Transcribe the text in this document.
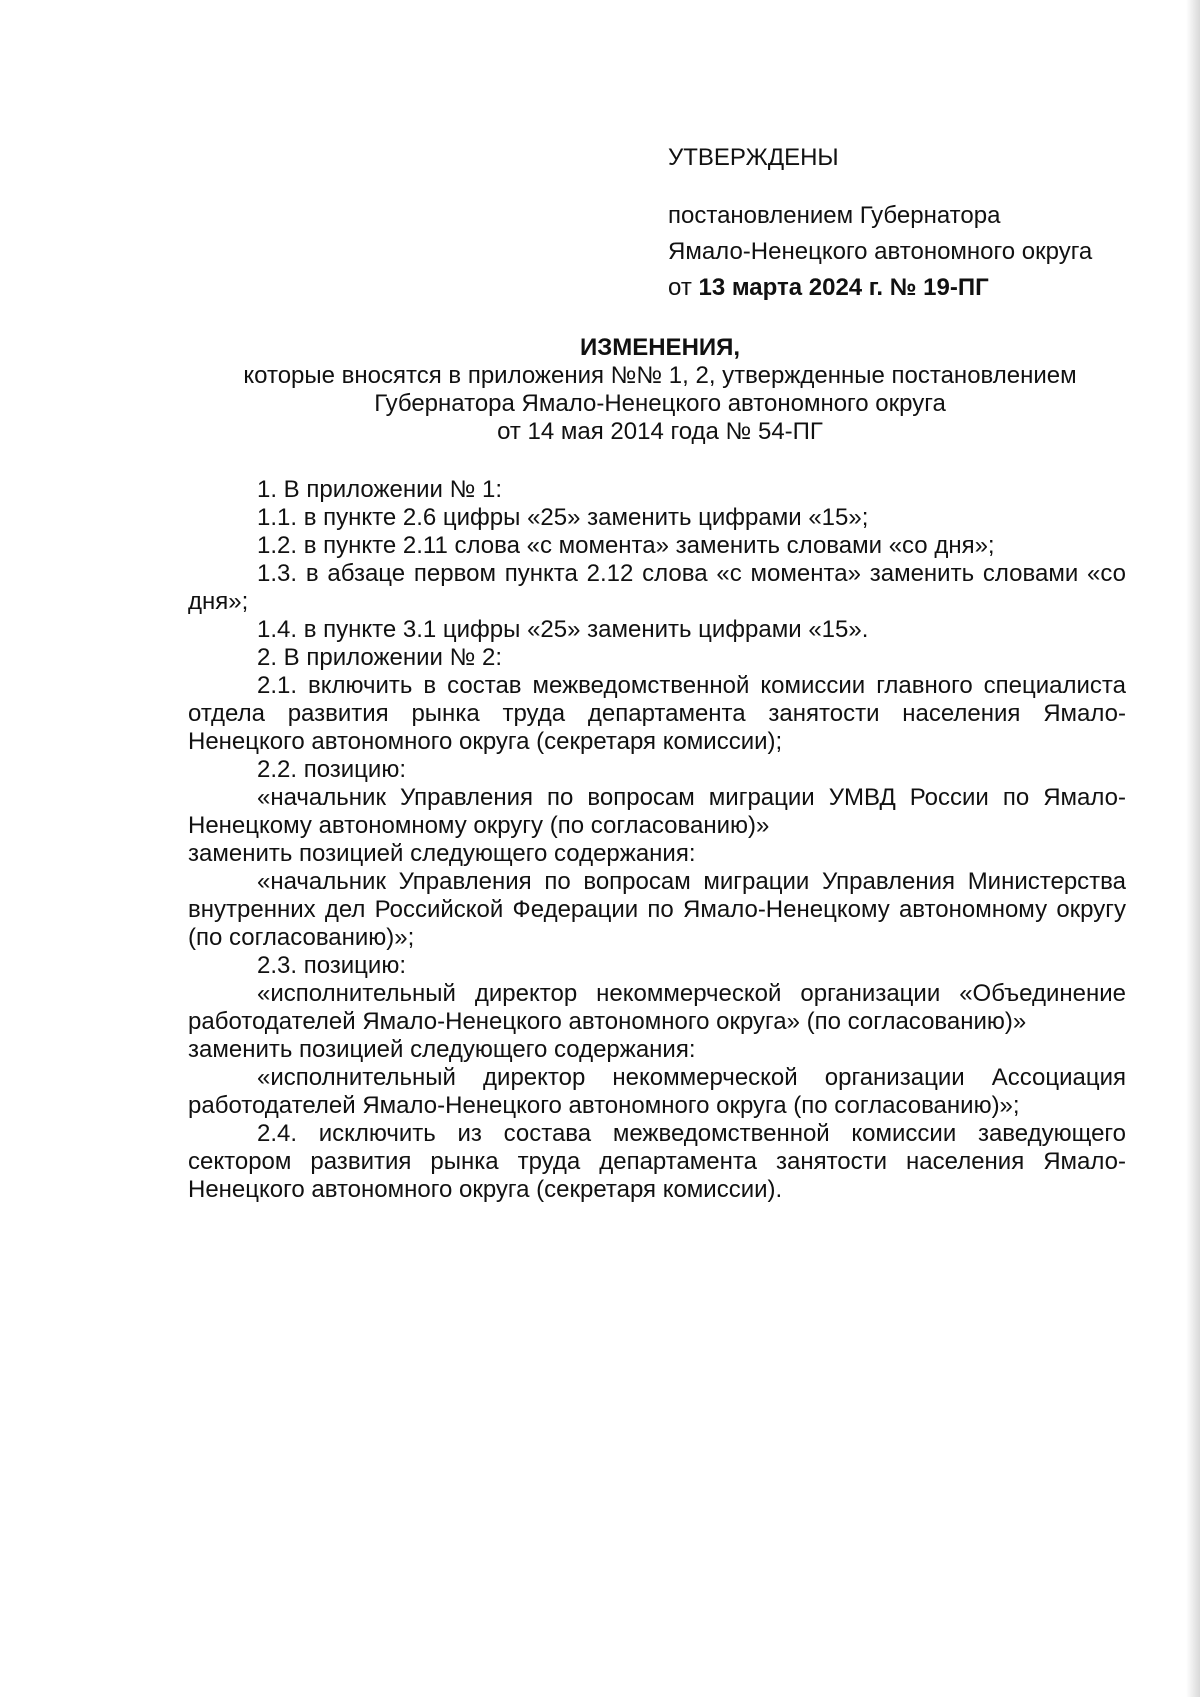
УТВЕРЖДЕНЫ
постановлением Губернатора
Ямало-Ненецкого автономного округа
от 13 марта 2024 г. № 19-ПГ
ИЗМЕНЕНИЯ,
которые вносятся в приложения №№ 1, 2, утвержденные постановлением
Губернатора Ямало-Ненецкого автономного округа
от 14 мая 2014 года № 54-ПГ

1. В приложении № 1:

1.1. в пункте 2.6 цифры «25» заменить цифрами «15»;

1.2. в пункте 2.11 слова «с момента» заменить словами «со дня»;

1.3. в абзаце первом пункта 2.12 слова «с момента» заменить словами «со дня»;

1.4. в пункте 3.1 цифры «25» заменить цифрами «15».

2. В приложении № 2:

2.1. включить в состав межведомственной комиссии главного специалиста отдела развития рынка труда департамента занятости населения Ямало-Ненецкого автономного округа (секретаря комиссии);

2.2. позицию:

«начальник Управления по вопросам миграции УМВД России по Ямало-Ненецкому автономному округу (по согласованию)»

заменить позицией следующего содержания:

«начальник Управления по вопросам миграции Управления Министерства внутренних дел Российской Федерации по Ямало-Ненецкому автономному округу (по согласованию)»;

2.3. позицию:

«исполнительный директор некоммерческой организации «Объединение работодателей Ямало-Ненецкого автономного округа» (по согласованию)»

заменить позицией следующего содержания:

«исполнительный директор некоммерческой организации Ассоциация работодателей Ямало-Ненецкого автономного округа (по согласованию)»;

2.4. исключить из состава межведомственной комиссии заведующего сектором развития рынка труда департамента занятости населения Ямало-Ненецкого автономного округа (секретаря комиссии).
